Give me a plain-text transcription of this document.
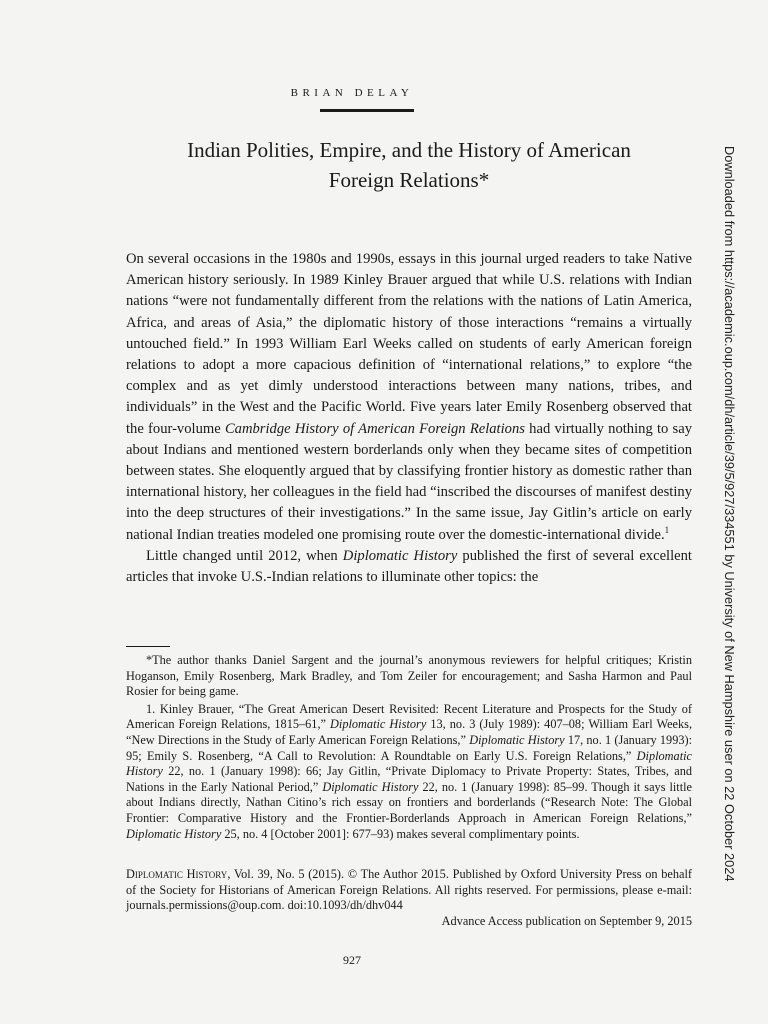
BRIAN DELAY
Indian Polities, Empire, and the History of American
Foreign Relations*

On several occasions in the 1980s and 1990s, essays in this journal urged readers to take Native American history seriously. In 1989 Kinley Brauer argued that while U.S. relations with Indian nations “were not fundamentally different from the relations with the nations of Latin America, Africa, and areas of Asia,” the diplomatic history of those interactions “remains a virtually untouched field.” In 1993 William Earl Weeks called on students of early American foreign relations to adopt a more capacious definition of “international relations,” to explore “the complex and as yet dimly understood interactions between many nations, tribes, and individuals” in the West and the Pacific World. Five years later Emily Rosenberg observed that the four-volume Cambridge History of American Foreign Relations had virtually nothing to say about Indians and mentioned western borderlands only when they became sites of competition between states. She eloquently argued that by classifying frontier history as domestic rather than international history, her colleagues in the field had “inscribed the discourses of manifest destiny into the deep structures of their investigations.” In the same issue, Jay Gitlin’s article on early national Indian treaties modeled one promising route over the domestic-international divide.$^1$

Little changed until 2012, when Diplomatic History published the first of several excellent articles that invoke U.S.-Indian relations to illuminate other topics: the

*The author thanks Daniel Sargent and the journal’s anonymous reviewers for helpful critiques; Kristin Hoganson, Emily Rosenberg, Mark Bradley, and Tom Zeiler for encouragement; and Sasha Harmon and Paul Rosier for being game.

1. Kinley Brauer, “The Great American Desert Revisited: Recent Literature and Prospects for the Study of American Foreign Relations, 1815–61,” Diplomatic History 13, no. 3 (July 1989): 407–08; William Earl Weeks, “New Directions in the Study of Early American Foreign Relations,” Diplomatic History 17, no. 1 (January 1993): 95; Emily S. Rosenberg, “A Call to Revolution: A Roundtable on Early U.S. Foreign Relations,” Diplomatic History 22, no. 1 (January 1998): 66; Jay Gitlin, “Private Diplomacy to Private Property: States, Tribes, and Nations in the Early National Period,” Diplomatic History 22, no. 1 (January 1998): 85–99. Though it says little about Indians directly, Nathan Citino’s rich essay on frontiers and borderlands (“Research Note: The Global Frontier: Comparative History and the Frontier-Borderlands Approach in American Foreign Relations,” Diplomatic History 25, no. 4 [October 2001]: 677–93) makes several complimentary points.

Diplomatic History, Vol. 39, No. 5 (2015). © The Author 2015. Published by Oxford University Press on behalf of the Society for Historians of American Foreign Relations. All rights reserved. For permissions, please e-mail: journals.permissions@oup.com. doi:10.1093/dh/dhv044
Advance Access publication on September 9, 2015
927
Downloaded from https://academic.oup.com/dh/article/39/5/927/334551 by University of New Hampshire user on 22 October 2024
